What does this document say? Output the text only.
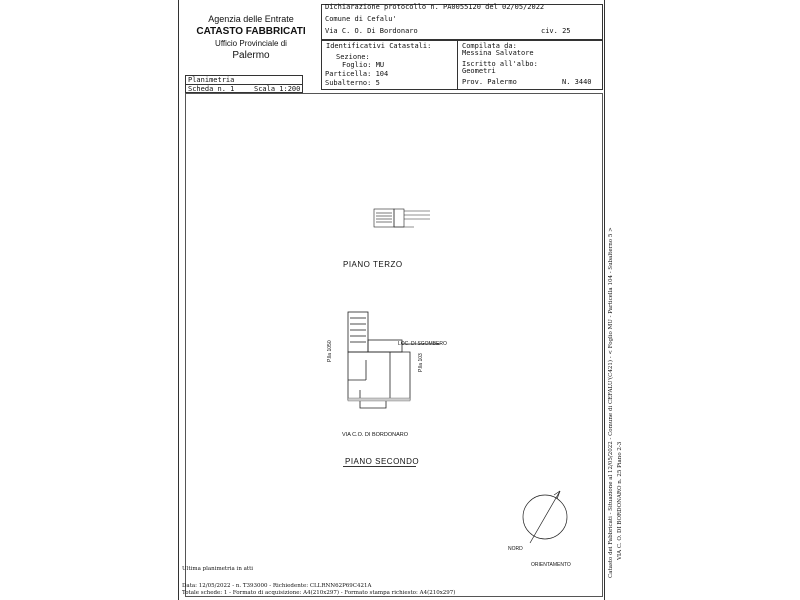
Agenzia delle Entrate
CATASTO FABBRICATI
Ufficio Provinciale di
Palermo
Dichiarazione protocollo n. PA0055120 del 02/05/2022
Comune di Cefalu'
Via C. O. Di Bordonaro	civ. 25
Identificativi Catastali:
Sezione:
Foglio: MU
Particella: 104
Subalterno: 5
Compilata da:
Messina Salvatore
Iscritto all'albo:
Geometri
Prov. Palermo	N. 3440
Planimetria
Scheda n. 1	Scala 1:200
PIANO TERZO
LOC. DI SGOMBERO
P.lla 1050
P.lla 103
VIA C.O. DI BORDONARO
PIANO SECONDO
NORD
ORIENTAMENTO
Ultima planimetria in atti
Data: 12/05/2022 - n. T393000 - Richiedente: CLLRNN62P69C421A
Totale schede: 1 - Formato di acquisizione: A4(210x297) - Formato stampa richiesto: A4(210x297)
Catasto dei Fabbricati - Situazione al 12/05/2022 - Comune di CEFALU'(C421) - < Foglio MU - Particella 104 - Subalterno 5 > VIA C. O. DI BORDONARO n. 25 Piano 2-3
